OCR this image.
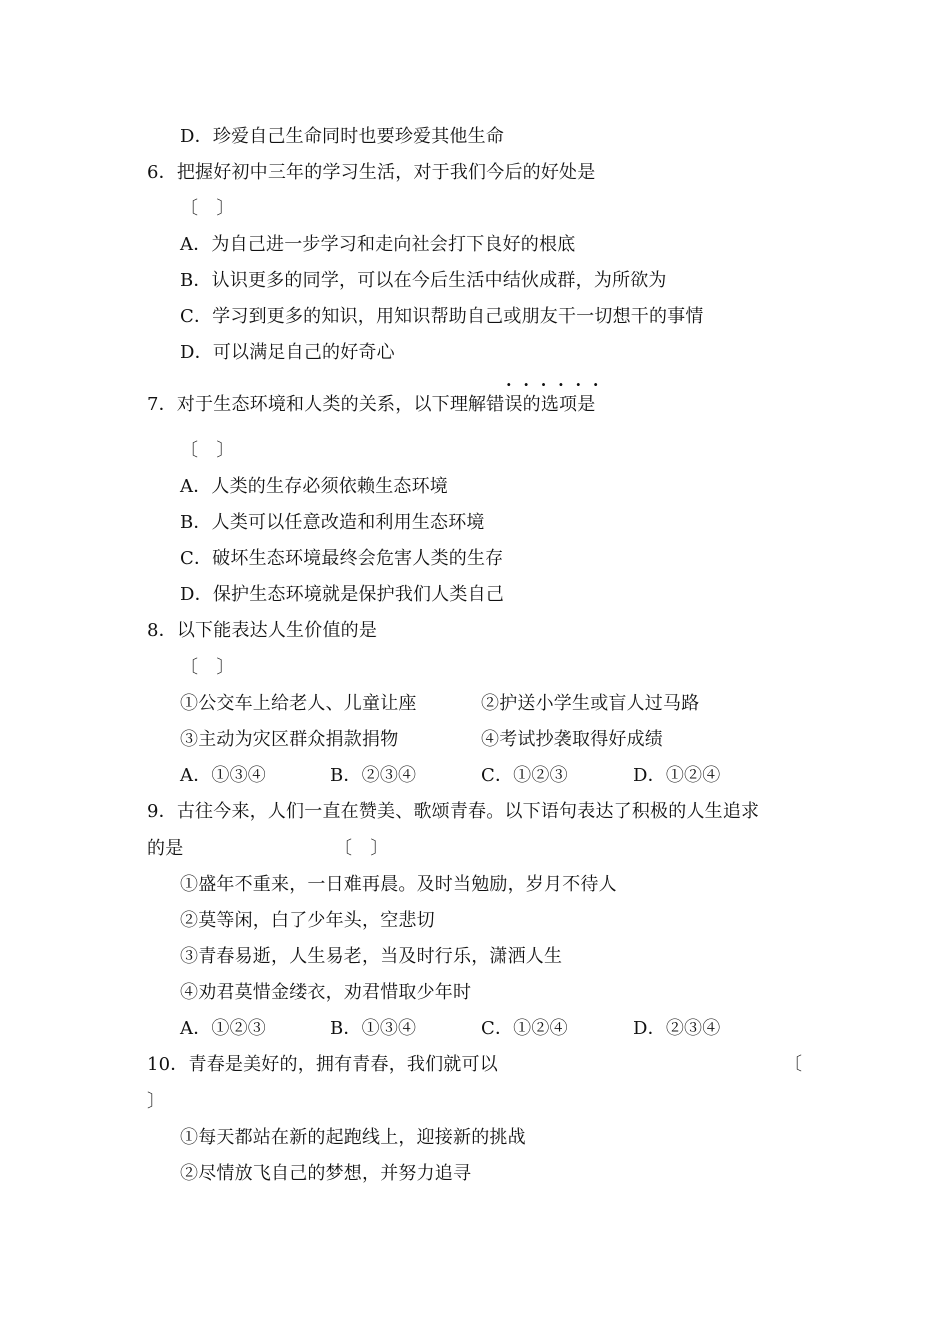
D．珍爱自己生命同时也要珍爱其他生命
6．把握好初中三年的学习生活，对于我们今后的好处是
〔　〕
A．为自己进一步学习和走向社会打下良好的根底
B．认识更多的同学，可以在今后生活中结伙成群，为所欲为
C．学习到更多的知识，用知识帮助自己或朋友干一切想干的事情
D．可以满足自己的好奇心
······
7．对于生态环境和人类的关系，以下理解错误的选项是
〔　〕
A．人类的生存必须依赖生态环境
B．人类可以任意改造和利用生态环境
C．破坏生态环境最终会危害人类的生存
D．保护生态环境就是保护我们人类自己
8．以下能表达人生价值的是
〔　〕
①公交车上给老人、儿童让座	②护送小学生或盲人过马路
③主动为灾区群众捐款捐物	④考试抄袭取得好成绩
A．①③④	B．②③④	C．①②③	D．①②④
9．古往今来，人们一直在赞美、歌颂青春。以下语句表达了积极的人生追求
的是	〔　〕
①盛年不重来，一日难再晨。及时当勉励，岁月不待人
②莫等闲，白了少年头，空悲切
③青春易逝，人生易老，当及时行乐，潇洒人生
④劝君莫惜金缕衣，劝君惜取少年时
A．①②③	B．①③④	C．①②④	D．②③④
10．青春是美好的，拥有青春，我们就可以	〔
〕
①每天都站在新的起跑线上，迎接新的挑战
②尽情放飞自己的梦想，并努力追寻
